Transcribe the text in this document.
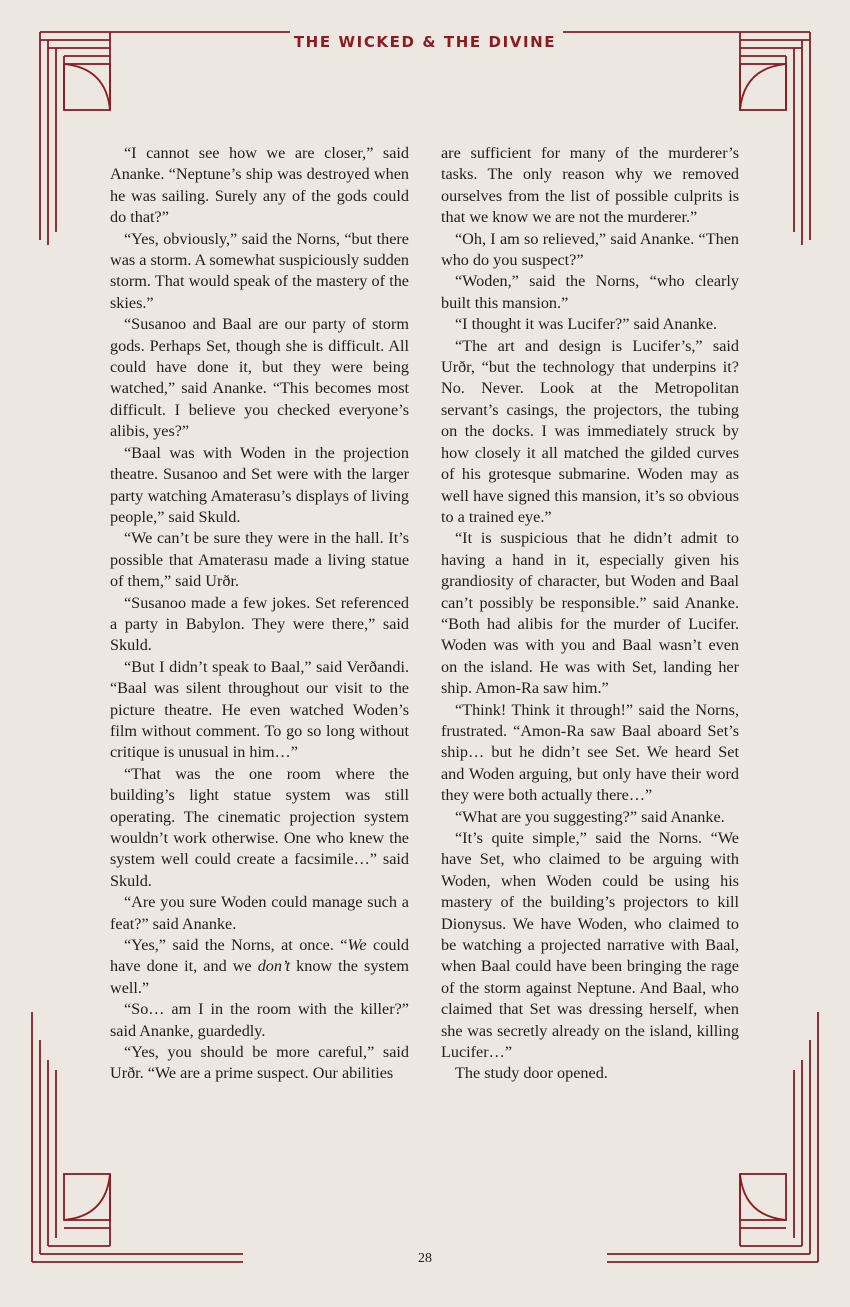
THE WICKED & THE DIVINE

“I cannot see how we are closer,” said Ananke. “Neptune’s ship was destroyed when he was sailing. Surely any of the gods could do that?”

“Yes, obviously,” said the Norns, “but there was a storm. A somewhat suspiciously sudden storm. That would speak of the mastery of the skies.”

“Susanoo and Baal are our party of storm gods. Perhaps Set, though she is difficult. All could have done it, but they were being watched,” said Ananke. “This becomes most difficult. I believe you checked everyone’s alibis, yes?”

“Baal was with Woden in the projection theatre. Susanoo and Set were with the larger party watching Amaterasu’s displays of living people,” said Skuld.

“We can’t be sure they were in the hall. It’s possible that Amaterasu made a living statue of them,” said Urðr.

“Susanoo made a few jokes. Set referenced a party in Babylon. They were there,” said Skuld.

“But I didn’t speak to Baal,” said Verðandi. “Baal was silent throughout our visit to the picture theatre. He even watched Woden’s film without comment. To go so long without critique is unusual in him…”

“That was the one room where the building’s light statue system was still operating. The cinematic projection system wouldn’t work otherwise. One who knew the system well could create a facsimile…” said Skuld.

“Are you sure Woden could manage such a feat?” said Ananke.

“Yes,” said the Norns, at once. “We could have done it, and we don’t know the system well.”

“So… am I in the room with the killer?” said Ananke, guardedly.

“Yes, you should be more careful,” said Urðr. “We are a prime suspect. Our abilities

are sufficient for many of the murderer’s tasks. The only reason why we removed ourselves from the list of possible culprits is that we know we are not the murderer.”

“Oh, I am so relieved,” said Ananke. “Then who do you suspect?”

“Woden,” said the Norns, “who clearly built this mansion.”

“I thought it was Lucifer?” said Ananke.

“The art and design is Lucifer’s,” said Urðr, “but the technology that underpins it? No. Never. Look at the Metropolitan servant’s casings, the projectors, the tubing on the docks. I was immediately struck by how closely it all matched the gilded curves of his grotesque submarine. Woden may as well have signed this mansion, it’s so obvious to a trained eye.”

“It is suspicious that he didn’t admit to having a hand in it, especially given his grandiosity of character, but Woden and Baal can’t possibly be responsible.” said Ananke. “Both had alibis for the murder of Lucifer. Woden was with you and Baal wasn’t even on the island. He was with Set, landing her ship. Amon-Ra saw him.”

“Think! Think it through!” said the Norns, frustrated. “Amon-Ra saw Baal aboard Set’s ship… but he didn’t see Set. We heard Set and Woden arguing, but only have their word they were both actually there…”

“What are you suggesting?” said Ananke.

“It’s quite simple,” said the Norns. “We have Set, who claimed to be arguing with Woden, when Woden could be using his mastery of the building’s projectors to kill Dionysus. We have Woden, who claimed to be watching a projected narrative with Baal, when Baal could have been bringing the rage of the storm against Neptune. And Baal, who claimed that Set was dressing herself, when she was secretly already on the island, killing Lucifer…”

The study door opened.

28
